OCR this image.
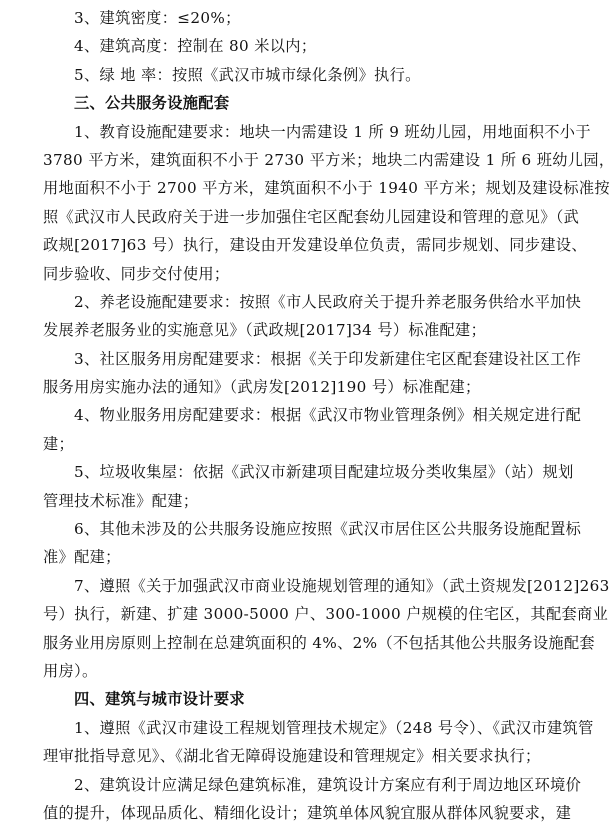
3、建筑密度：≤20%；
4、建筑高度：控制在 80 米以内；
5、绿 地 率：按照《武汉市城市绿化条例》执行。
三、公共服务设施配套
1、教育设施配建要求：地块一内需建设 1 所 9 班幼儿园，用地面积不小于
3780 平方米，建筑面积不小于 2730 平方米；地块二内需建设 1 所 6 班幼儿园，
用地面积不小于 2700 平方米，建筑面积不小于 1940 平方米；规划及建设标准按
照《武汉市人民政府关于进一步加强住宅区配套幼儿园建设和管理的意见》（武
政规[2017]63 号）执行，建设由开发建设单位负责，需同步规划、同步建设、
同步验收、同步交付使用；
2、养老设施配建要求：按照《市人民政府关于提升养老服务供给水平加快
发展养老服务业的实施意见》（武政规[2017]34 号）标准配建；
3、社区服务用房配建要求：根据《关于印发新建住宅区配套建设社区工作
服务用房实施办法的通知》（武房发[2012]190 号）标准配建；
4、物业服务用房配建要求：根据《武汉市物业管理条例》相关规定进行配
建；
5、垃圾收集屋：依据《武汉市新建项目配建垃圾分类收集屋》（站）规划
管理技术标准》配建；
6、其他未涉及的公共服务设施应按照《武汉市居住区公共服务设施配置标
准》配建；
7、遵照《关于加强武汉市商业设施规划管理的通知》（武土资规发[2012]263
号）执行，新建、扩建 3000-5000 户、300-1000 户规模的住宅区，其配套商业
服务业用房原则上控制在总建筑面积的 4%、2%（不包括其他公共服务设施配套
用房）。
四、建筑与城市设计要求
1、遵照《武汉市建设工程规划管理技术规定》（248 号令）、《武汉市建筑管
理审批指导意见》、《湖北省无障碍设施建设和管理规定》相关要求执行；
2、建筑设计应满足绿色建筑标准，建筑设计方案应有利于周边地区环境价
值的提升，体现品质化、精细化设计；建筑单体风貌宜服从群体风貌要求，建
